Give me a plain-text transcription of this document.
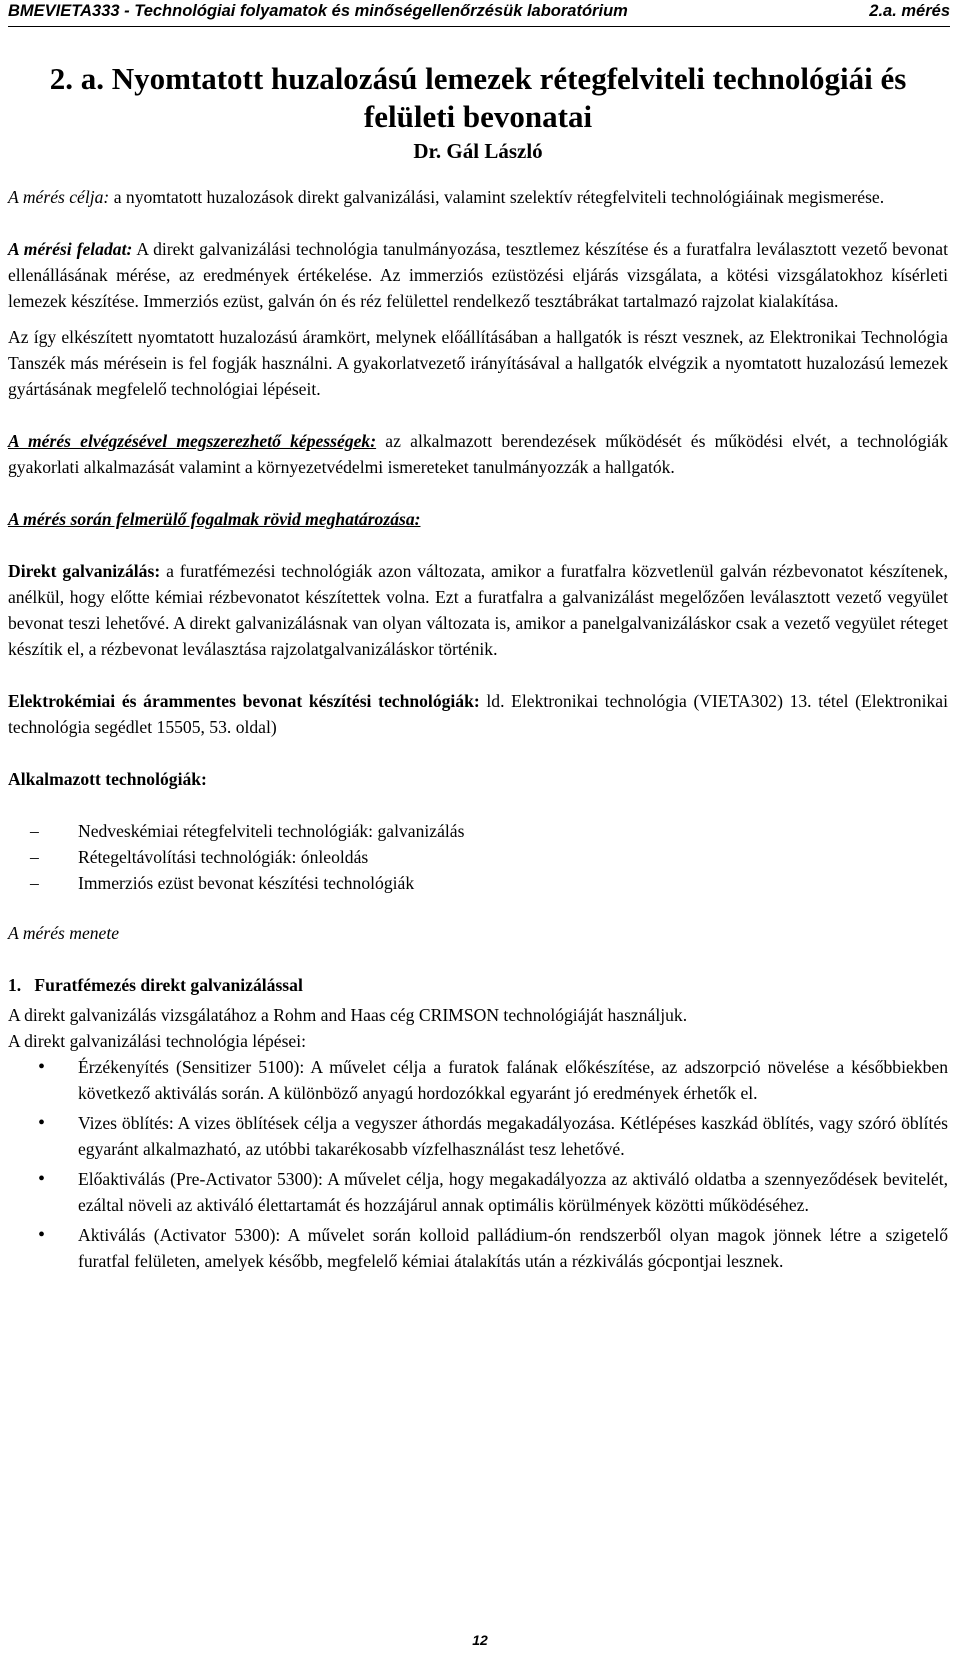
BMEVIETA333 - Technológiai folyamatok és minőségellenőrzésük laboratórium	2.a. mérés
2. a. Nyomtatott huzalozású lemezek rétegfelviteli technológiái és felületi bevonatai
Dr. Gál László

A mérés célja: a nyomtatott huzalozások direkt galvanizálási, valamint szelektív rétegfelviteli technológiáinak megismerése.

A mérési feladat: A direkt galvanizálási technológia tanulmányozása, tesztlemez készítése és a furatfalra leválasztott vezető bevonat ellenállásának mérése, az eredmények értékelése. Az immerziós ezüstözési eljárás vizsgálata, a kötési vizsgálatokhoz kísérleti lemezek készítése. Immerziós ezüst, galván ón és réz felülettel rendelkező tesztábrákat tartalmazó rajzolat kialakítása.

Az így elkészített nyomtatott huzalozású áramkört, melynek előállításában a hallgatók is részt vesznek, az Elektronikai Technológia Tanszék más mérésein is fel fogják használni. A gyakorlatvezető irányításával a hallgatók elvégzik a nyomtatott huzalozású lemezek gyártásának megfelelő technológiai lépéseit.

A mérés elvégzésével megszerezhető képességek: az alkalmazott berendezések működését és működési elvét, a technológiák gyakorlati alkalmazását valamint a környezetvédelmi ismereteket tanulmányozzák a hallgatók.

A mérés során felmerülő fogalmak rövid meghatározása:

Direkt galvanizálás: a furatfémezési technológiák azon változata, amikor a furatfalra közvetlenül galván rézbevonatot készítenek, anélkül, hogy előtte kémiai rézbevonatot készítettek volna. Ezt a furatfalra a galvanizálást megelőzően leválasztott vezető vegyület bevonat teszi lehetővé. A direkt galvanizálásnak van olyan változata is, amikor a panelgalvanizáláskor csak a vezető vegyület réteget készítik el, a rézbevonat leválasztása rajzolatgalvanizáláskor történik.

Elektrokémiai és árammentes bevonat készítési technológiák: ld. Elektronikai technológia (VIETA302) 13. tétel (Elektronikai technológia segédlet 15505, 53. oldal)

Alkalmazott technológiák:

– Nedveskémiai rétegfelviteli technológiák: galvanizálás
– Rétegeltávolítási technológiák: ónleoldás
– Immerziós ezüst bevonat készítési technológiák

A mérés menete

1. Furatfémezés direkt galvanizálással

A direkt galvanizálás vizsgálatához a Rohm and Haas cég CRIMSON technológiáját használjuk.

A direkt galvanizálási technológia lépései:

• Érzékenyítés (Sensitizer 5100): A művelet célja a furatok falának előkészítése, az adszorpció növelése a későbbiekben következő aktiválás során. A különböző anyagú hordozókkal egyaránt jó eredmények érhetők el.
• Vizes öblítés: A vizes öblítések célja a vegyszer áthordás megakadályozása. Kétlépéses kaszkád öblítés, vagy szóró öblítés egyaránt alkalmazható, az utóbbi takarékosabb vízfelhasználást tesz lehetővé.
• Előaktiválás (Pre-Activator 5300): A művelet célja, hogy megakadályozza az aktiváló oldatba a szennyeződések bevitelét, ezáltal növeli az aktiváló élettartamát és hozzájárul annak optimális körülmények közötti működéséhez.
• Aktiválás (Activator 5300): A művelet során kolloid palládium-ón rendszerből olyan magok jönnek létre a szigetelő furatfal felületen, amelyek később, megfelelő kémiai átalakítás után a rézkiválás gócpontjai lesznek.
12
